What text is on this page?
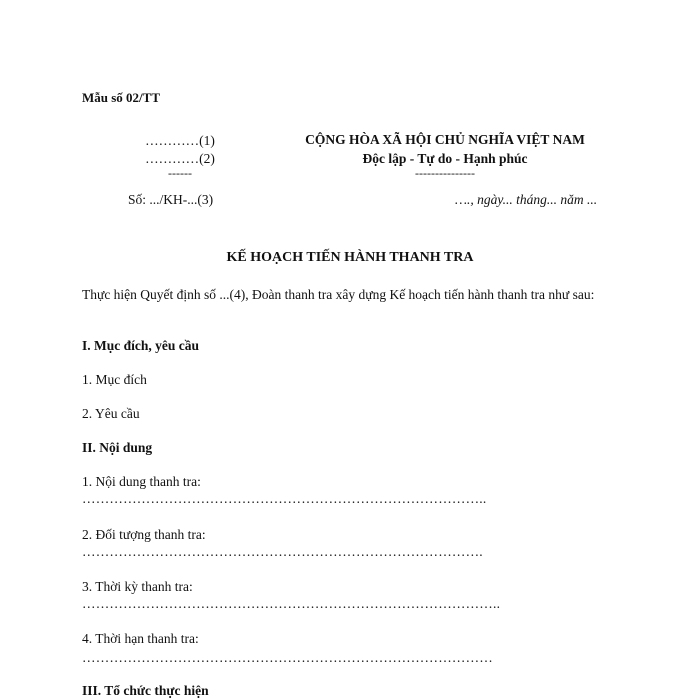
Mẫu số 02/TT
…………(1)
…………(2)
------
CỘNG HÒA XÃ HỘI CHỦ NGHĨA VIỆT NAM
Độc lập - Tự do - Hạnh phúc
---------------
Số: .../KH-...(3)	…., ngày... tháng... năm ...
KẾ HOẠCH TIẾN HÀNH THANH TRA
Thực hiện Quyết định số ...(4), Đoàn thanh tra xây dựng Kế hoạch tiến hành thanh tra như sau:
I. Mục đích, yêu cầu
1. Mục đích
2. Yêu cầu
II. Nội dung
1. Nội dung thanh tra:
……………………………………………………………………………..
2. Đối tượng thanh tra:
…………………………………………………………………………….
3. Thời kỳ thanh tra:
………………………………………………………………………………..
4. Thời hạn thanh tra:
………………………………………………………………………………
III. Tổ chức thực hiện
